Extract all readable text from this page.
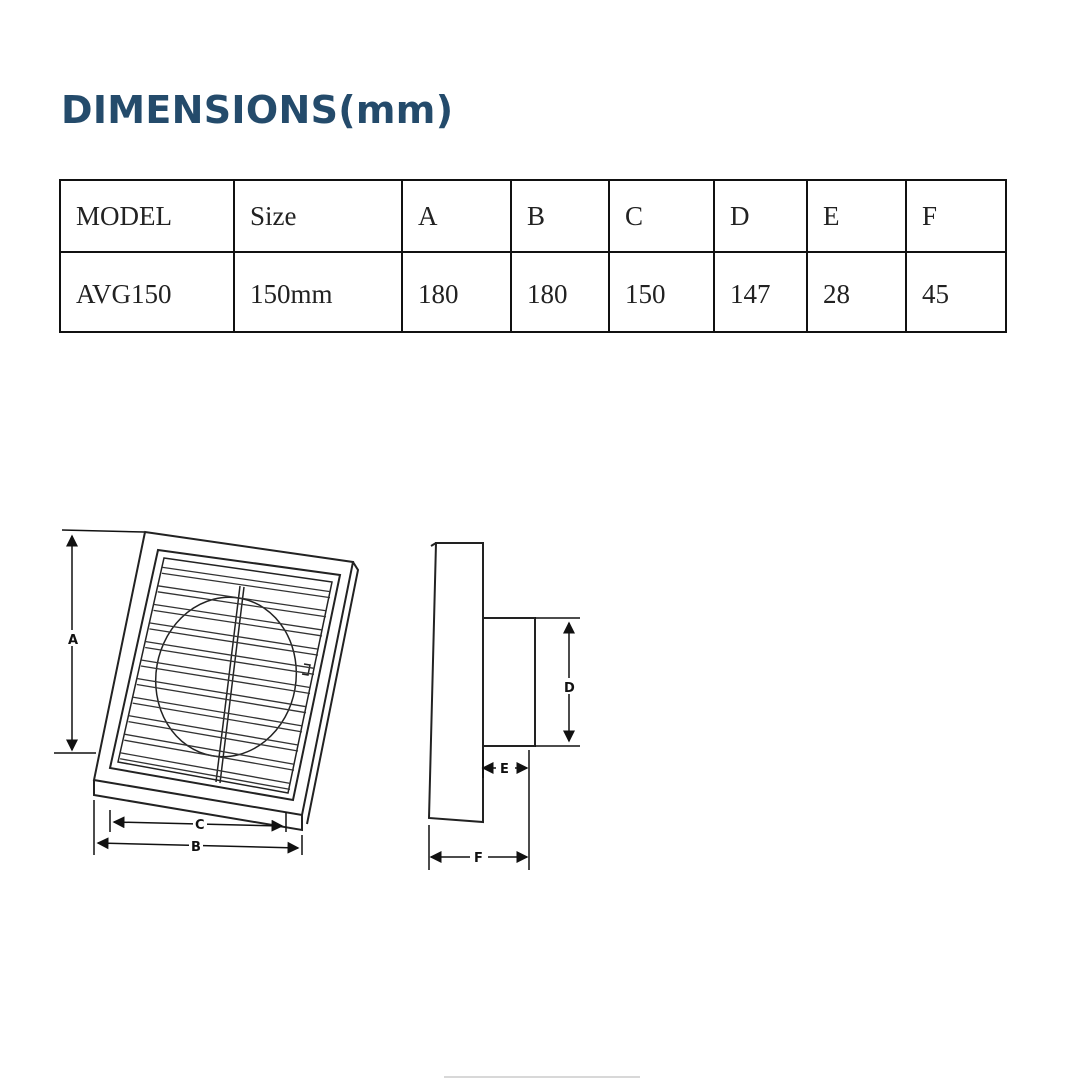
DIMENSIONS(mm)
MODEL	Size	A	B	C	D	E	F
AVG150	150mm	180	180	150	147	28	45
A
C
B
D
E
F
